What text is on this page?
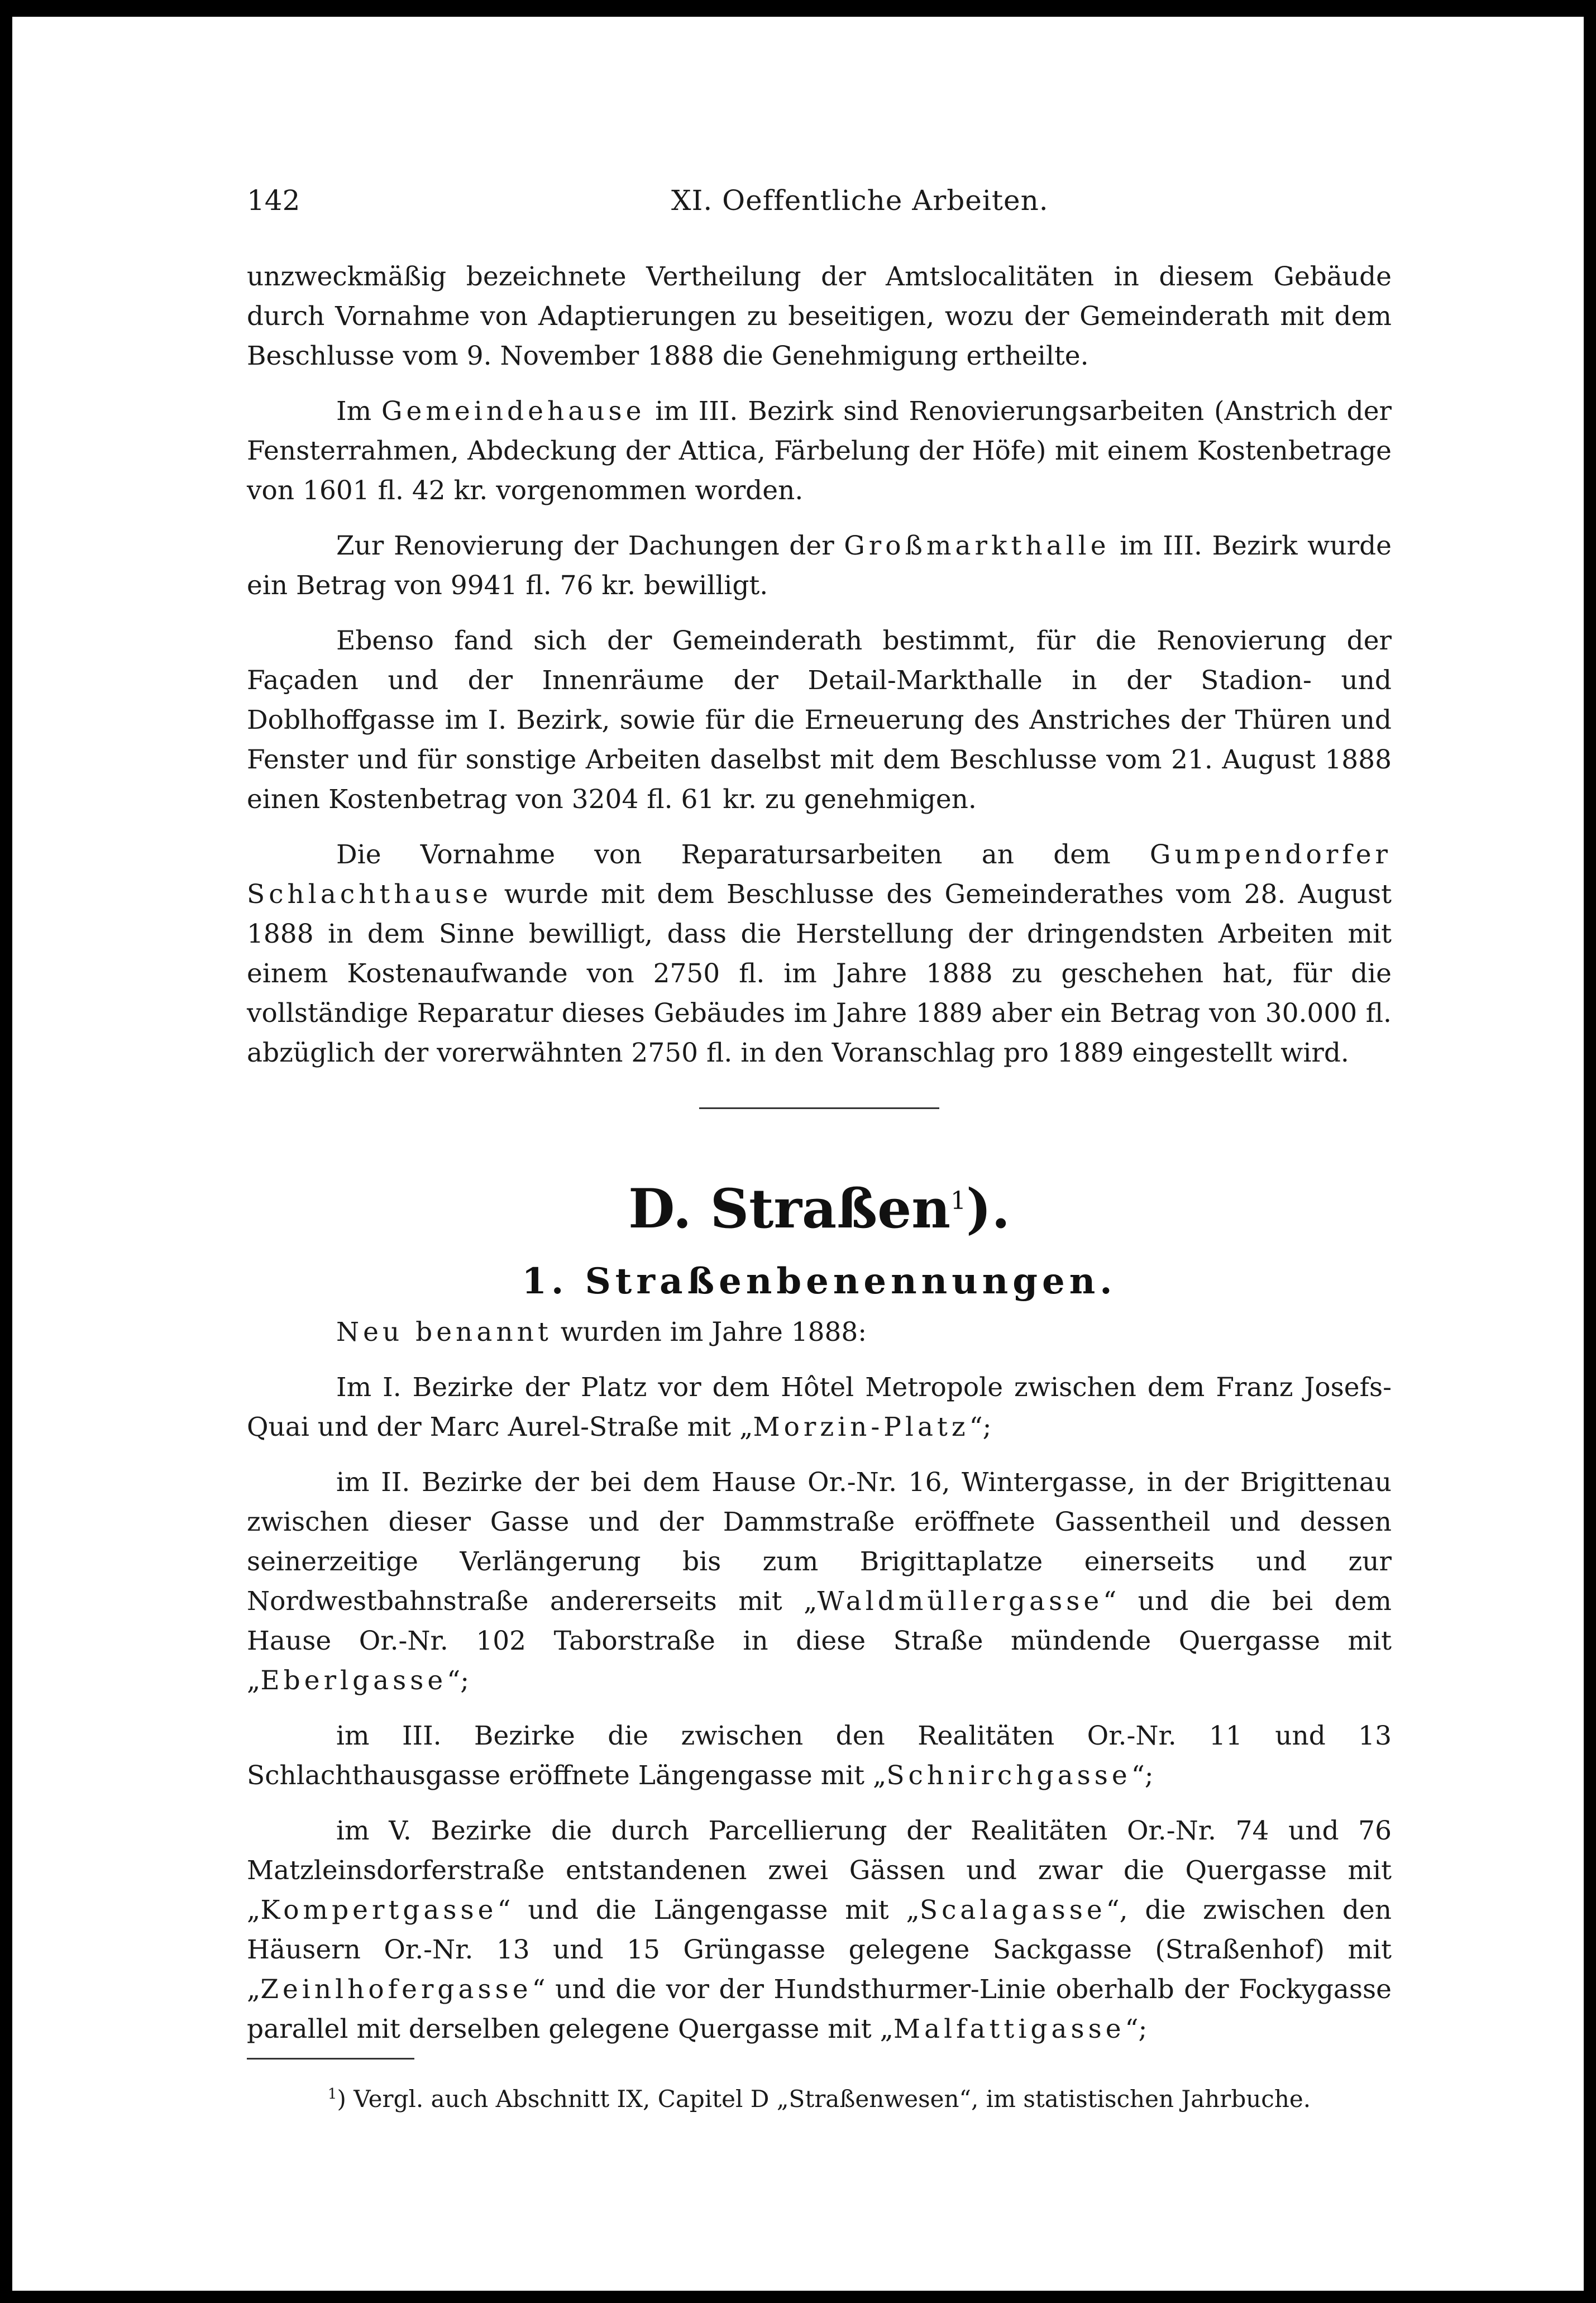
142	XI. Oeffentliche Arbeiten.

unzweckmäßig bezeichnete Vertheilung der Amtslocalitäten in diesem Gebäude durch Vornahme von Adaptierungen zu beseitigen, wozu der Gemeinderath mit dem Beschlusse vom 9. November 1888 die Genehmigung ertheilte.

Im Gemeindehause im III. Bezirk sind Renovierungsarbeiten (Anstrich der Fensterrahmen, Abdeckung der Attica, Färbelung der Höfe) mit einem Kostenbetrage von 1601 fl. 42 kr. vorgenommen worden.

Zur Renovierung der Dachungen der Großmarkthalle im III. Bezirk wurde ein Betrag von 9941 fl. 76 kr. bewilligt.

Ebenso fand sich der Gemeinderath bestimmt, für die Renovierung der Façaden und der Innenräume der Detail-Markthalle in der Stadion- und Doblhoffgasse im I. Bezirk, sowie für die Erneuerung des Anstriches der Thüren und Fenster und für sonstige Arbeiten daselbst mit dem Beschlusse vom 21. August 1888 einen Kostenbetrag von 3204 fl. 61 kr. zu genehmigen.

Die Vornahme von Reparatursarbeiten an dem Gumpendorfer Schlachthause wurde mit dem Beschlusse des Gemeinderathes vom 28. August 1888 in dem Sinne bewilligt, dass die Herstellung der dringendsten Arbeiten mit einem Kostenaufwande von 2750 fl. im Jahre 1888 zu geschehen hat, für die vollständige Reparatur dieses Gebäudes im Jahre 1889 aber ein Betrag von 30.000 fl. abzüglich der vorerwähnten 2750 fl. in den Voranschlag pro 1889 eingestellt wird.

D. Straßen$^1$).
1. Straßenbenennungen.

Neu benannt wurden im Jahre 1888:

Im I. Bezirke der Platz vor dem Hôtel Metropole zwischen dem Franz Josefs-Quai und der Marc Aurel-Straße mit „Morzin-Platz“;

im II. Bezirke der bei dem Hause Or.-Nr. 16, Wintergasse, in der Brigittenau zwischen dieser Gasse und der Dammstraße eröffnete Gassentheil und dessen seinerzeitige Verlängerung bis zum Brigittaplatze einerseits und zur Nordwestbahnstraße andererseits mit „Waldmüllergasse“ und die bei dem Hause Or.-Nr. 102 Taborstraße in diese Straße mündende Quergasse mit „Eberlgasse“;

im III. Bezirke die zwischen den Realitäten Or.-Nr. 11 und 13 Schlachthausgasse eröffnete Längengasse mit „Schnirchgasse“;

im V. Bezirke die durch Parcellierung der Realitäten Or.-Nr. 74 und 76 Matzleinsdorferstraße entstandenen zwei Gässen und zwar die Quergasse mit „Kompertgasse“ und die Längengasse mit „Scalagasse“, die zwischen den Häusern Or.-Nr. 13 und 15 Grüngasse gelegene Sackgasse (Straßenhof) mit „Zeinlhofergasse“ und die vor der Hundsthurmer-Linie oberhalb der Fockygasse parallel mit derselben gelegene Quergasse mit „Malfattigasse“;

$^1$) Vergl. auch Abschnitt IX, Capitel D „Straßenwesen“, im statistischen Jahrbuche.
